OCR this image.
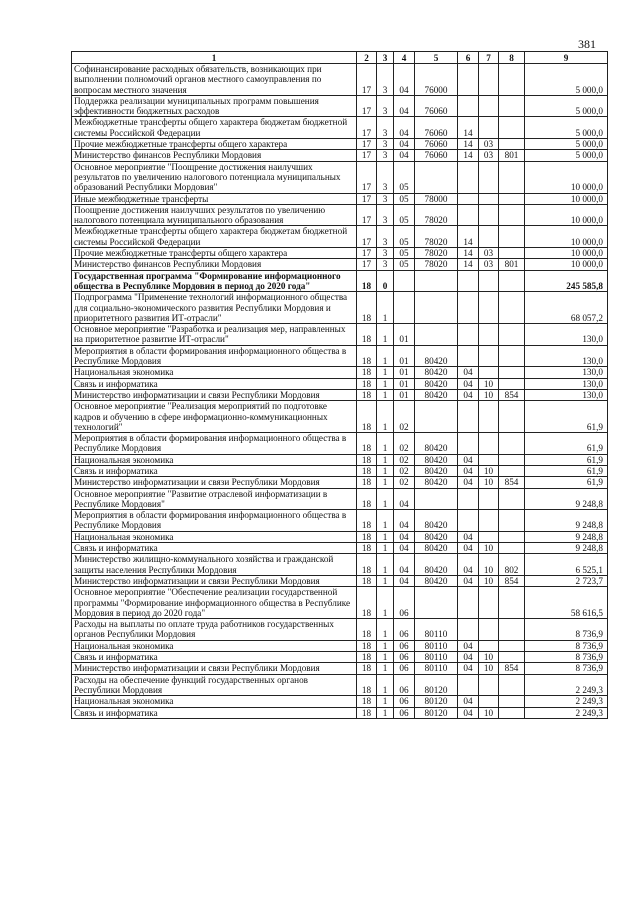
381
1	2	3	4	5	6	7	8	9
Софинансирование расходных обязательств, возникающих при выполнении полномочий органов местного самоуправления по вопросам местного значения	17	3	04	76000				5 000,0
Поддержка реализации муниципальных программ повышения эффективности бюджетных расходов	17	3	04	76060				5 000,0
Межбюджетные трансферты общего характера бюджетам бюджетной системы Российской Федерации	17	3	04	76060	14			5 000,0
Прочие межбюджетные трансферты общего характера	17	3	04	76060	14	03		5 000,0
Министерство финансов Республики Мордовия	17	3	04	76060	14	03	801	5 000,0
Основное мероприятие "Поощрение достижения наилучших результатов по увеличению налогового потенциала муниципальных образований Республики Мордовия"	17	3	05					10 000,0
Иные межбюджетные трансферты	17	3	05	78000				10 000,0
Поощрение достижения наилучших результатов по увеличению налогового потенциала муниципального образования	17	3	05	78020				10 000,0
Межбюджетные трансферты общего характера бюджетам бюджетной системы Российской Федерации	17	3	05	78020	14			10 000,0
Прочие межбюджетные трансферты общего характера	17	3	05	78020	14	03		10 000,0
Министерство финансов Республики Мордовия	17	3	05	78020	14	03	801	10 000,0
Государственная программа "Формирование информационного общества в Республике Мордовия в период до 2020 года"	18	0						245 585,8
Подпрограмма "Применение технологий информационного общества для социально-экономического развития Республики Мордовия и приоритетного развития ИТ-отрасли"	18	1						68 057,2
Основное мероприятие "Разработка и реализация мер, направленных на приоритетное развитие ИТ-отрасли"	18	1	01					130,0
Мероприятия в области формирования информационного общества в Республике Мордовия	18	1	01	80420				130,0
Национальная экономика	18	1	01	80420	04			130,0
Связь и информатика	18	1	01	80420	04	10		130,0
Министерство информатизации и связи Республики Мордовия	18	1	01	80420	04	10	854	130,0
Основное мероприятие "Реализация мероприятий по подготовке кадров и обучению в сфере информационно-коммуникационных технологий"	18	1	02					61,9
Мероприятия в области формирования информационного общества в Республике Мордовия	18	1	02	80420				61,9
Национальная экономика	18	1	02	80420	04			61,9
Связь и информатика	18	1	02	80420	04	10		61,9
Министерство информатизации и связи Республики Мордовия	18	1	02	80420	04	10	854	61,9
Основное мероприятие "Развитие отраслевой информатизации в Республике Мордовия"	18	1	04					9 248,8
Мероприятия в области формирования информационного общества в Республике Мордовия	18	1	04	80420				9 248,8
Национальная экономика	18	1	04	80420	04			9 248,8
Связь и информатика	18	1	04	80420	04	10		9 248,8
Министерство жилищно-коммунального хозяйства и гражданской защиты населения Республики Мордовия	18	1	04	80420	04	10	802	6 525,1
Министерство информатизации и связи Республики Мордовия	18	1	04	80420	04	10	854	2 723,7
Основное мероприятие "Обеспечение реализации государственной программы "Формирование информационного общества в Республике Мордовия в период до 2020 года"	18	1	06					58 616,5
Расходы на выплаты по оплате труда работников государственных органов Республики Мордовия	18	1	06	80110				8 736,9
Национальная экономика	18	1	06	80110	04			8 736,9
Связь и информатика	18	1	06	80110	04	10		8 736,9
Министерство информатизации и связи Республики Мордовия	18	1	06	80110	04	10	854	8 736,9
Расходы на обеспечение функций государственных органов Республики Мордовия	18	1	06	80120				2 249,3
Национальная экономика	18	1	06	80120	04			2 249,3
Связь и информатика	18	1	06	80120	04	10		2 249,3
